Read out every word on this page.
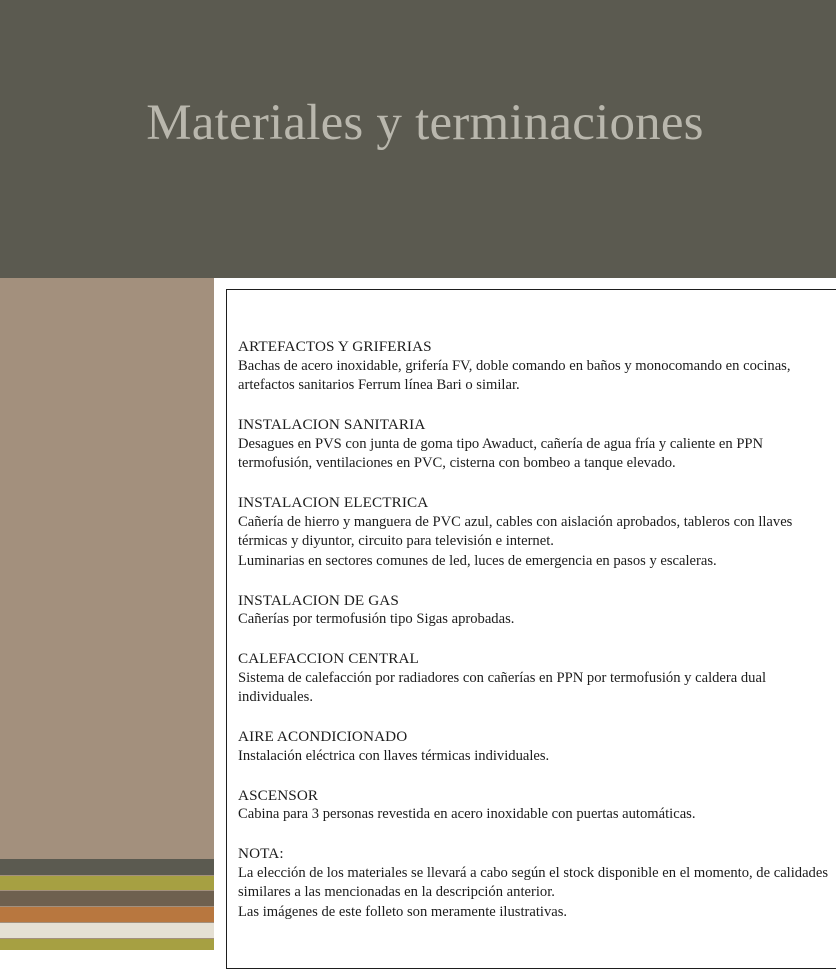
Materiales y terminaciones
ARTEFACTOS Y GRIFERIAS

Bachas de acero inoxidable, grifería FV, doble comando en baños y monocomando en cocinas, artefactos sanitarios Ferrum línea Bari o similar.

INSTALACION SANITARIA

Desagues en PVS con junta de goma tipo Awaduct, cañería de agua fría y caliente en PPN termofusión, ventilaciones en PVC, cisterna con bombeo a tanque elevado.

INSTALACION ELECTRICA

Cañería de hierro y manguera de PVC azul, cables con aislación aprobados, tableros con llaves térmicas y diyuntor, circuito para televisión e internet.

Luminarias en sectores comunes de led, luces de emergencia en pasos y escaleras.

INSTALACION DE GAS

Cañerías por termofusión tipo Sigas aprobadas.

CALEFACCION CENTRAL

Sistema de calefacción por radiadores con cañerías en PPN por termofusión y caldera dual individuales.

AIRE ACONDICIONADO

Instalación eléctrica con llaves térmicas individuales.

ASCENSOR

Cabina para 3 personas revestida en acero inoxidable con puertas automáticas.

NOTA:

La elección de los materiales se llevará a cabo según el stock disponible en el momento, de calidades similares a las mencionadas en la descripción anterior.

Las imágenes de este folleto son meramente ilustrativas.
